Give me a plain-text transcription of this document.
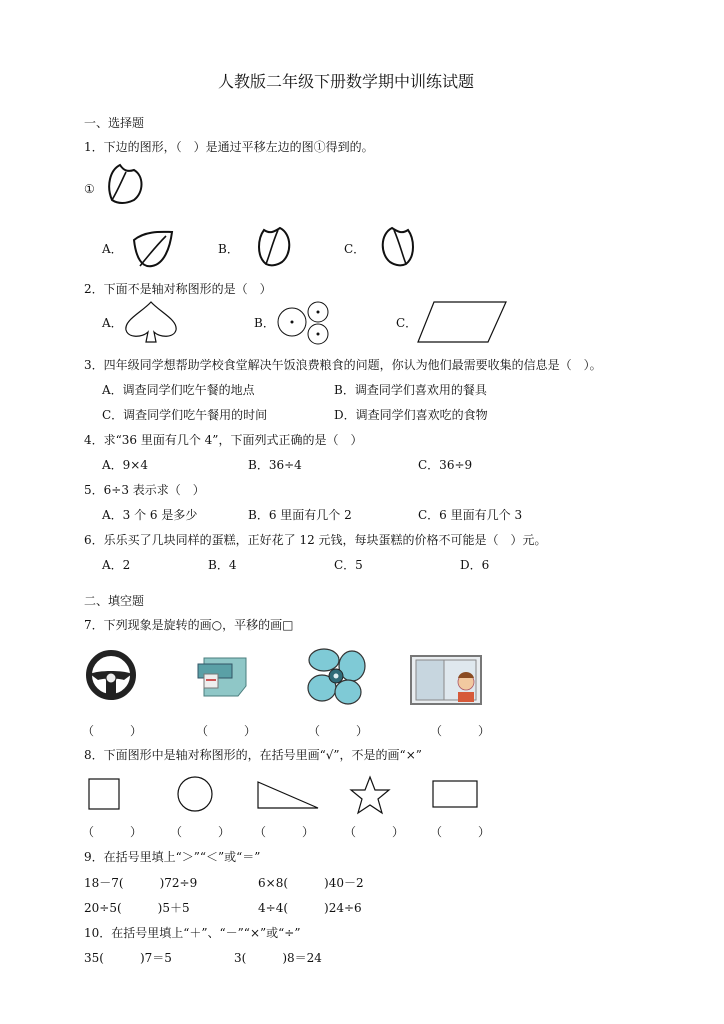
人教版二年级下册数学期中训练试题
一、选择题
1．下边的图形，（　）是通过平移左边的图①得到的。
①
A．	B．	C．
2．下面不是轴对称图形的是（　）
A．	B．	C．
3．四年级同学想帮助学校食堂解决午饭浪费粮食的问题，你认为他们最需要收集的信息是（　）。
A．调查同学们吃午餐的地点	B．调查同学们喜欢用的餐具
C．调查同学们吃午餐用的时间	D．调查同学们喜欢吃的食物
4．求“36 里面有几个 4”，下面列式正确的是（　）
A．9×4	B．36÷4	C．36÷9
5．6÷3 表示求（　）
A．3 个 6 是多少	B．6 里面有几个 2	C．6 里面有几个 3
6．乐乐买了几块同样的蛋糕，正好花了 12 元钱，每块蛋糕的价格不可能是（　）元。
A．2	B．4	C．5	D．6
二、填空题
7．下列现象是旋转的画○，平移的画□
（　　　）	（　　　）	（　　　）	（　　　）
8．下面图形中是轴对称图形的，在括号里画“√”，不是的画“×”
（　　　） （　　　） （　　　） （　　　） （　　　）
9．在括号里填上“＞”“＜”或“＝”
18－7(　　　)72÷9	6×8(　　　)40－2
20÷5(　　　)5＋5	4÷4(　　　)24÷6
10．在括号里填上“＋”、“－”“×”或“÷”
35(　　　)7＝5	3(　　　)8＝24
